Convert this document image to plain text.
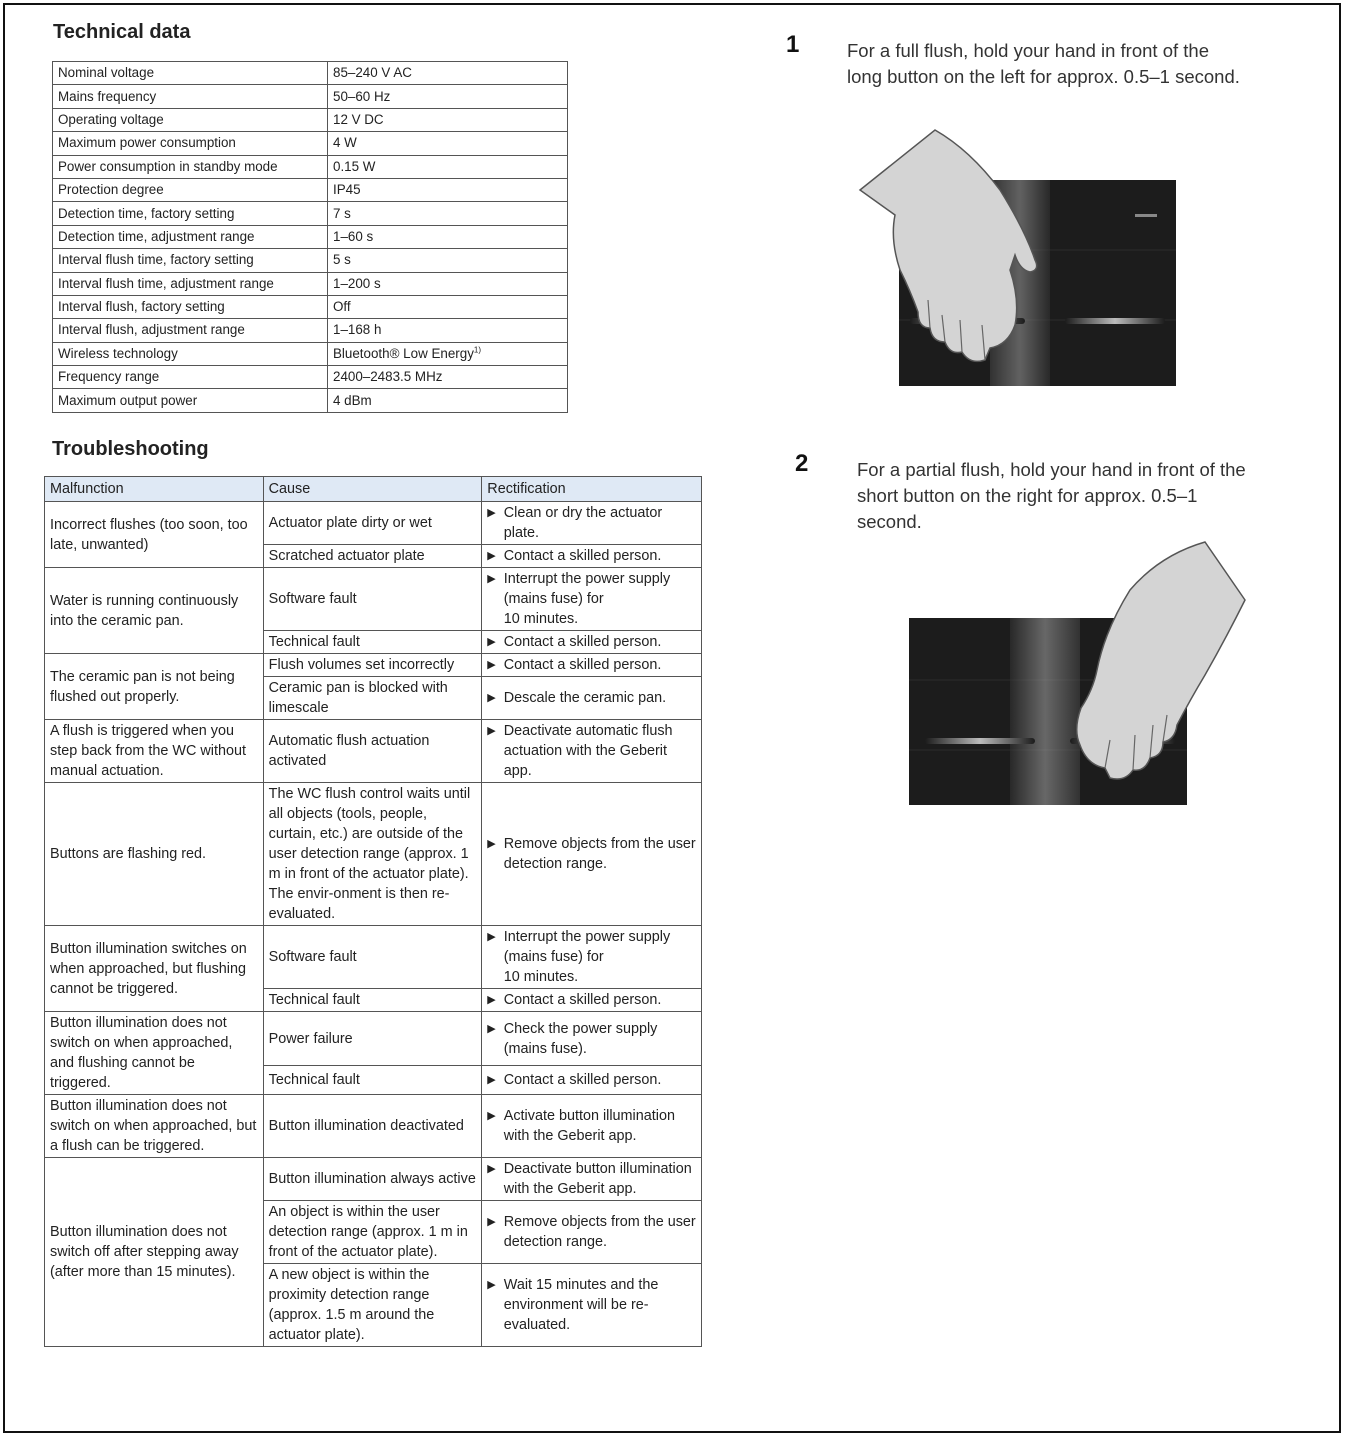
Technical data
Nominal voltage	85–240 V AC
Mains frequency	50–60 Hz
Operating voltage	12 V DC
Maximum power consumption	4 W
Power consumption in standby mode	0.15 W
Protection degree	IP45
Detection time, factory setting	7 s
Detection time, adjustment range	1–60 s
Interval flush time, factory setting	5 s
Interval flush time, adjustment range	1–200 s
Interval flush, factory setting	Off
Interval flush, adjustment range	1–168 h
Wireless technology	Bluetooth® Low Energy$^{1)}$
Frequency range	2400–2483.5 MHz
Maximum output power	4 dBm
Troubleshooting
Malfunction	Cause	Rectification
Incorrect flushes (too soon, too late, unwanted)	Actuator plate dirty or wet	▶ Clean or dry the actuator plate.

	Scratched actuator plate	▶ Contact a skilled person.

Water is running continuously into the ceramic pan.	Software fault	▶ Interrupt the power supply (mains fuse) for
10 minutes.

	Technical fault	▶ Contact a skilled person.

The ceramic pan is not being flushed out properly.	Flush volumes set incorrectly	▶ Contact a skilled person.

	Ceramic pan is blocked with limescale	▶ Descale the ceramic pan.

A flush is triggered when you step back from the WC without manual actuation.	Automatic flush actuation activated	▶ Deactivate automatic flush actuation with the Geberit app.

Buttons are flashing red.	The WC flush control waits until all objects (tools, people, curtain, etc.) are outside of the user detection range (approx. 1 m in front of the actuator plate). The envir-onment is then re-evaluated.	▶ Remove objects from the user detection range.

Button illumination switches on when approached, but flushing cannot be triggered.	Software fault	▶ Interrupt the power supply (mains fuse) for
10 minutes.

	Technical fault	▶ Contact a skilled person.

Button illumination does not switch on when approached, and flushing cannot be triggered.	Power failure	▶ Check the power supply (mains fuse).

	Technical fault	▶ Contact a skilled person.

Button illumination does not switch on when approached, but a flush can be triggered.	Button illumination deactivated	▶ Activate button illumination with the Geberit app.

Button illumination does not switch off after stepping away (after more than 15 minutes).	Button illumination always active	▶ Deactivate button illumination with the Geberit app.

	An object is within the user detection range (approx. 1 m in front of the actuator plate).	▶ Remove objects from the user detection range.

	A new object is within the proximity detection range (approx. 1.5 m around the actuator plate).	▶ Wait 15 minutes and the environment will be re-evaluated.
1	For a full flush, hold your hand in front of the long button on the left for approx. 0.5–1 second.
2	For a partial flush, hold your hand in front of the short button on the right for approx. 0.5–1 second.
